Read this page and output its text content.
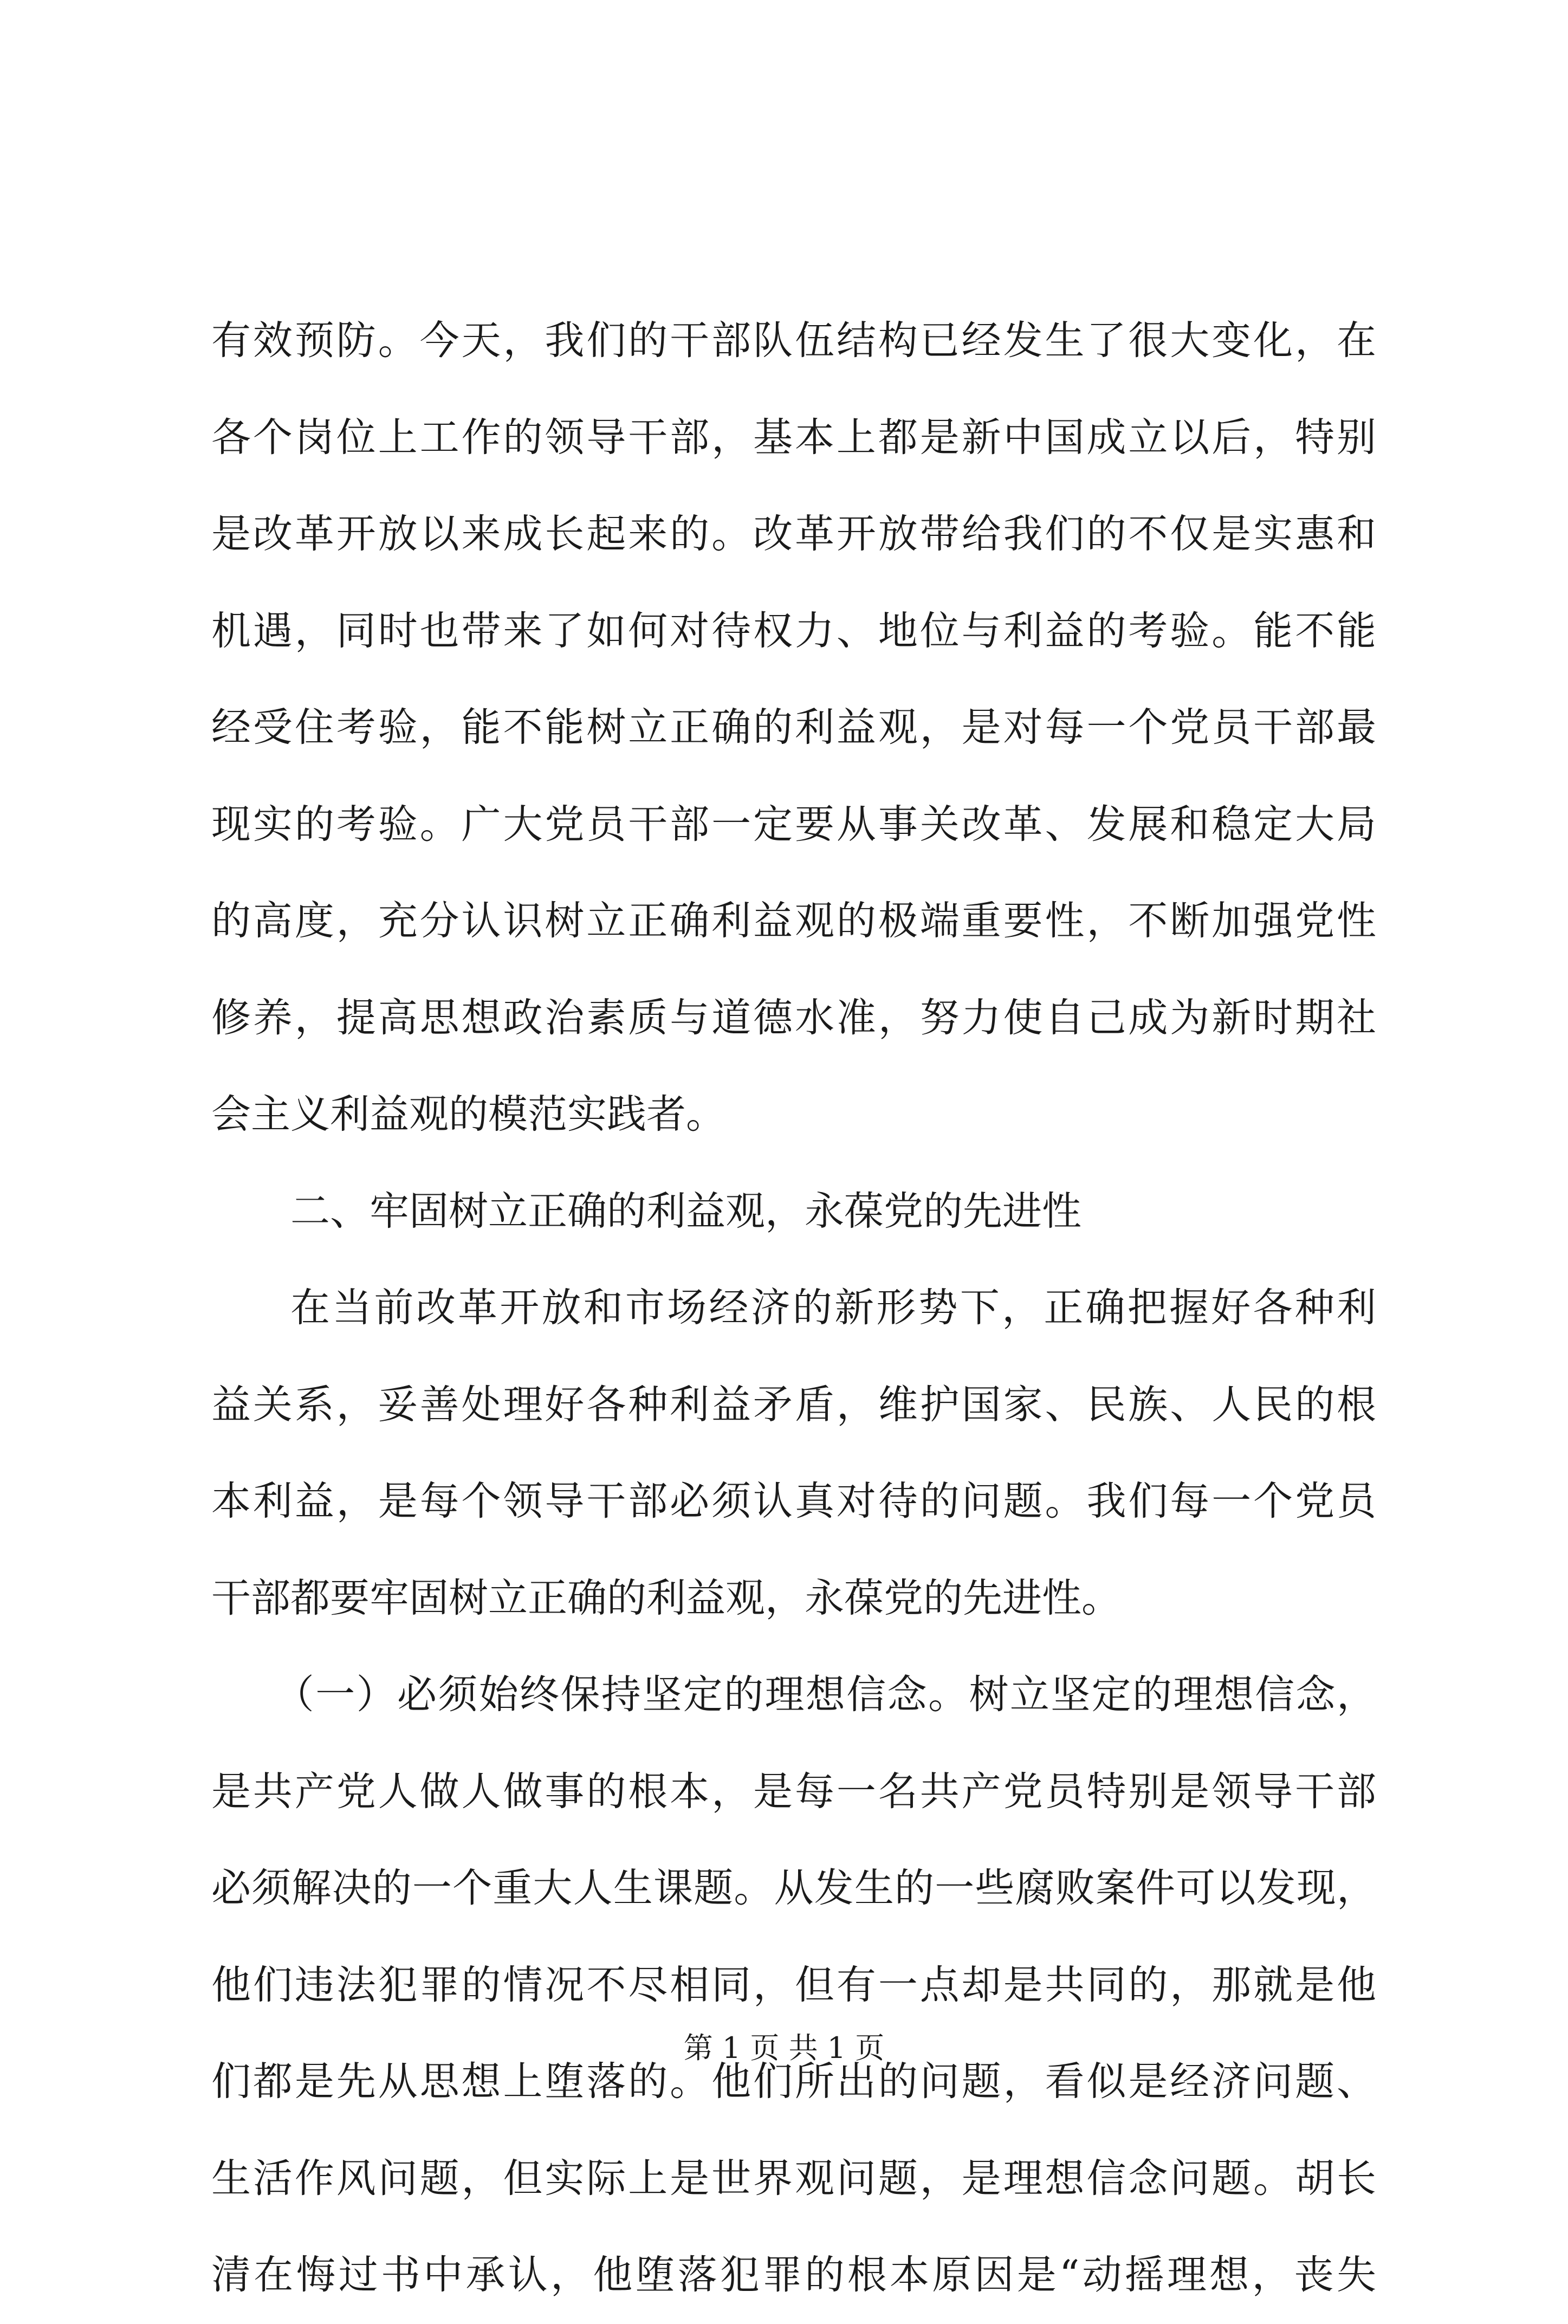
有效预防。今天，我们的干部队伍结构已经发生了很大变化，在
各个岗位上工作的领导干部，基本上都是新中国成立以后，特别
是改革开放以来成长起来的。改革开放带给我们的不仅是实惠和
机遇，同时也带来了如何对待权力、地位与利益的考验。能不能
经受住考验，能不能树立正确的利益观，是对每一个党员干部最
现实的考验。广大党员干部一定要从事关改革、发展和稳定大局
的高度，充分认识树立正确利益观的极端重要性，不断加强党性
修养，提高思想政治素质与道德水准，努力使自己成为新时期社
会主义利益观的模范实践者。
二、牢固树立正确的利益观，永葆党的先进性
在当前改革开放和市场经济的新形势下，正确把握好各种利
益关系，妥善处理好各种利益矛盾，维护国家、民族、人民的根
本利益，是每个领导干部必须认真对待的问题。我们每一个党员
干部都要牢固树立正确的利益观，永葆党的先进性。
（一）必须始终保持坚定的理想信念。树立坚定的理想信念，
是共产党人做人做事的根本，是每一名共产党员特别是领导干部
必须解决的一个重大人生课题。从发生的一些腐败案件可以发现，
他们违法犯罪的情况不尽相同，但有一点却是共同的，那就是他
们都是先从思想上堕落的。他们所出的问题，看似是经济问题、
生活作风问题，但实际上是世界观问题，是理想信念问题。胡长
清在悔过书中承认，他堕落犯罪的根本原因是“动摇理想，丧失
第 1 页 共 1 页
